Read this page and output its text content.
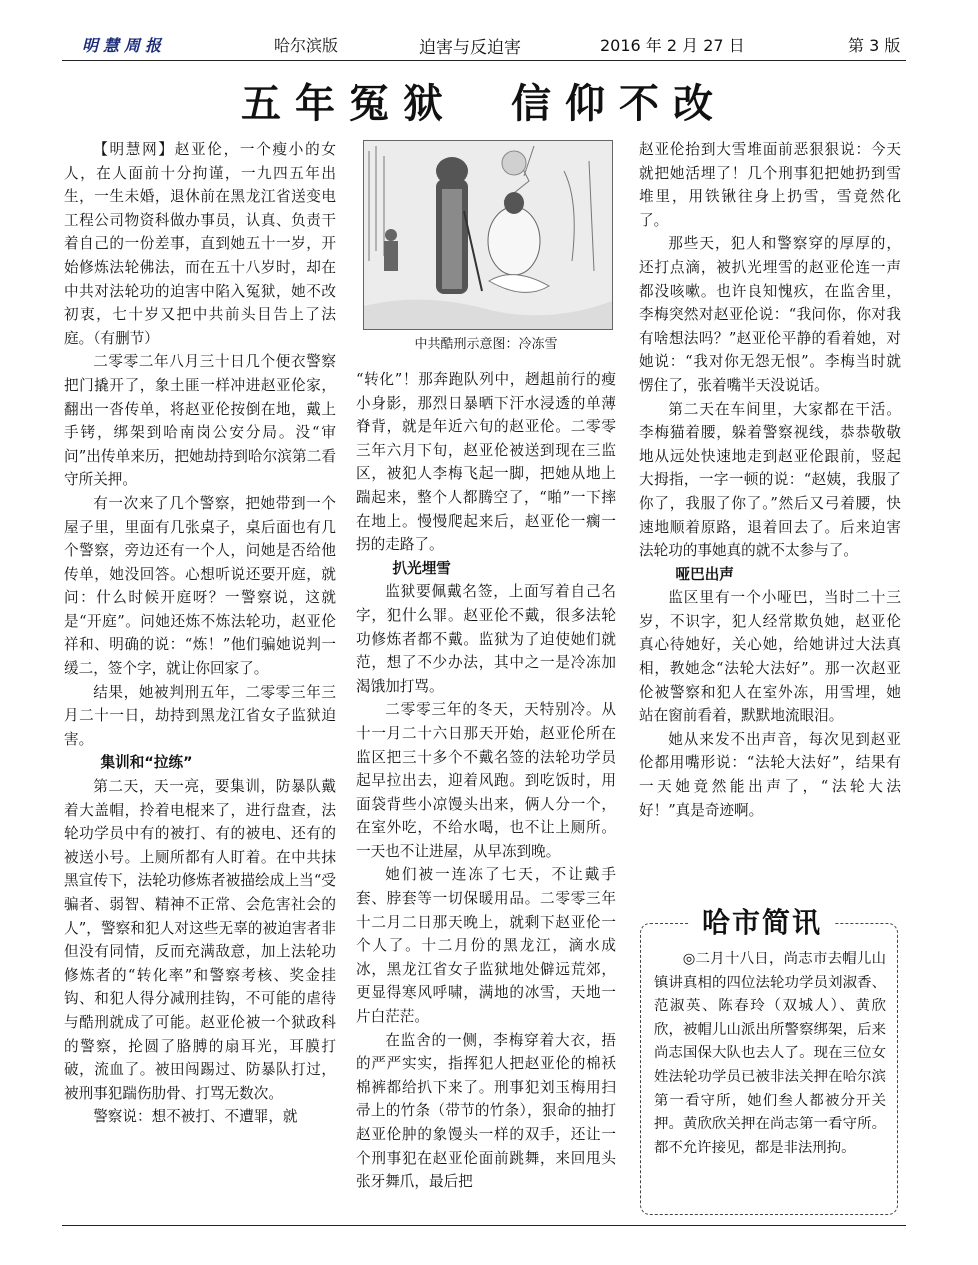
明慧周报	哈尔滨版	迫害与反迫害	2016 年 2 月 27 日	第 3 版
五年冤狱　信仰不改

【明慧网】赵亚伦，一个瘦小的女人，在人面前十分拘谨，一九四五年出生，一生未婚，退休前在黑龙江省送变电工程公司物资科做办事员，认真、负责干着自己的一份差事，直到她五十一岁，开始修炼法轮佛法，而在五十八岁时，却在中共对法轮功的迫害中陷入冤狱，她不改初衷，七十岁又把中共前头目告上了法庭。（有删节）

二零零二年八月三十日几个便衣警察把门撬开了，象土匪一样冲进赵亚伦家，翻出一沓传单，将赵亚伦按倒在地，戴上手铐，绑架到哈南岗公安分局。没“审问”出传单来历，把她劫持到哈尔滨第二看守所关押。

有一次来了几个警察，把她带到一个屋子里，里面有几张桌子，桌后面也有几个警察，旁边还有一个人，问她是否给他传单，她没回答。心想听说还要开庭，就问：什么时候开庭呀？一警察说，这就是“开庭”。问她还炼不炼法轮功，赵亚伦祥和、明确的说：“炼！”他们骗她说判一缓二，签个字，就让你回家了。

结果，她被判刑五年，二零零三年三月二十一日，劫持到黑龙江省女子监狱迫害。

集训和“拉练”

第二天，天一亮，要集训，防暴队戴着大盖帽，拎着电棍来了，进行盘查，法轮功学员中有的被打、有的被电、还有的被送小号。上厕所都有人盯着。在中共抹黑宣传下，法轮功修炼者被描绘成上当“受骗者、弱智、精神不正常、会危害社会的人”，警察和犯人对这些无辜的被迫害者非但没有同情，反而充满敌意，加上法轮功修炼者的“转化率”和警察考核、奖金挂钩、和犯人得分减刑挂钩，不可能的虐待与酷刑就成了可能。赵亚伦被一个狱政科的警察，抡圆了胳膊的扇耳光，耳膜打破，流血了。被田闯踢过、防暴队打过，被刑事犯踹伤肋骨、打骂无数次。

警察说：想不被打、不遭罪，就

中共酷刑示意图：冷冻雪

“转化”！那奔跑队列中，趔趄前行的瘦小身影，那烈日暴晒下汗水浸透的单薄脊背，就是年近六旬的赵亚伦。二零零三年六月下旬，赵亚伦被送到现在三监区，被犯人李梅飞起一脚，把她从地上踹起来，整个人都腾空了，“啪”一下摔在地上。慢慢爬起来后，赵亚伦一瘸一拐的走路了。

扒光埋雪

监狱要佩戴名签，上面写着自己名字，犯什么罪。赵亚伦不戴，很多法轮功修炼者都不戴。监狱为了迫使她们就范，想了不少办法，其中之一是冷冻加渴饿加打骂。

二零零三年的冬天，天特别冷。从十一月二十六日那天开始，赵亚伦所在监区把三十多个不戴名签的法轮功学员起早拉出去，迎着风跑。到吃饭时，用面袋背些小凉馒头出来，俩人分一个，在室外吃，不给水喝，也不让上厕所。一天也不让进屋，从早冻到晚。

她们被一连冻了七天，不让戴手套、脖套等一切保暖用品。二零零三年十二月二日那天晚上，就剩下赵亚伦一个人了。十二月份的黑龙江，滴水成冰，黑龙江省女子监狱地处僻远荒郊，更显得寒风呼啸，满地的冰雪，天地一片白茫茫。

在监舍的一侧，李梅穿着大衣，捂的严严实实，指挥犯人把赵亚伦的棉袄棉裤都给扒下来了。刑事犯刘玉梅用扫帚上的竹条（带节的竹条），狠命的抽打赵亚伦肿的象馒头一样的双手，还让一个刑事犯在赵亚伦面前跳舞，来回甩头张牙舞爪，最后把

赵亚伦抬到大雪堆面前恶狠狠说：今天就把她活埋了！几个刑事犯把她扔到雪堆里，用铁锹往身上扔雪，雪竟然化了。

那些天，犯人和警察穿的厚厚的，还打点滴，被扒光埋雪的赵亚伦连一声都没咳嗽。也许良知愧疚，在监舍里，李梅突然对赵亚伦说：“我问你，你对我有啥想法吗？”赵亚伦平静的看着她，对她说：“我对你无怨无恨”。李梅当时就愣住了，张着嘴半天没说话。

第二天在车间里，大家都在干活。李梅猫着腰，躲着警察视线，恭恭敬敬地从远处快速地走到赵亚伦跟前，竖起大拇指，一字一顿的说：“赵姨，我服了你了，我服了你了。”然后又弓着腰，快速地顺着原路，退着回去了。后来迫害法轮功的事她真的就不太参与了。

哑巴出声

监区里有一个小哑巴，当时二十三岁，不识字，犯人经常欺负她，赵亚伦真心待她好，关心她，给她讲过大法真相，教她念“法轮大法好”。那一次赵亚伦被警察和犯人在室外冻，用雪埋，她站在窗前看着，默默地流眼泪。

她从来发不出声音，每次见到赵亚伦都用嘴形说：“法轮大法好”，结果有一天她竟然能出声了，“法轮大法好！”真是奇迹啊。

哈市简讯

◎二月十八日，尚志市去帽儿山镇讲真相的四位法轮功学员刘淑香、范淑英、陈春玲（双城人）、黄欣欣，被帽儿山派出所警察绑架，后来尚志国保大队也去人了。现在三位女姓法轮功学员已被非法关押在哈尔滨第一看守所，她们叁人都被分开关押。黄欣欣关押在尚志第一看守所。都不允许接见，都是非法刑拘。
